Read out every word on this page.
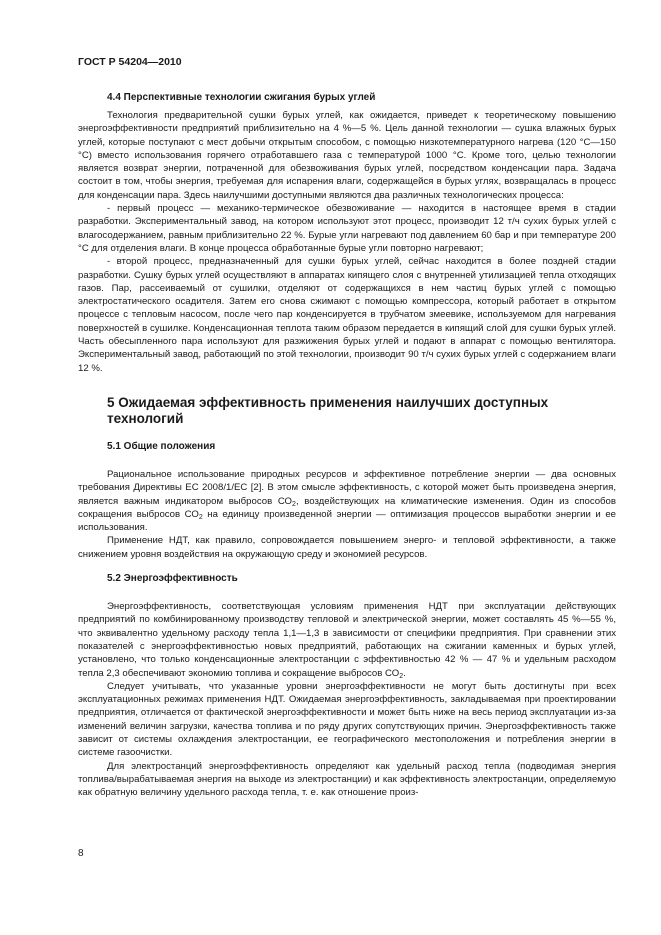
ГОСТ Р 54204—2010
4.4 Перспективные технологии сжигания бурых углей

Технология предварительной сушки бурых углей, как ожидается, приведет к теоретическому повышению энергоэффективности предприятий приблизительно на 4 %—5 %. Цель данной технологии — сушка влажных бурых углей, которые поступают с мест добычи открытым способом, с помощью низкотемпературного нагрева (120 °С—150 °С) вместо использования горячего отработавшего газа с температурой 1000 °С. Кроме того, целью технологии является возврат энергии, потраченной для обезвоживания бурых углей, посредством конденсации пара. Задача состоит в том, чтобы энергия, требуемая для испарения влаги, содержащейся в бурых углях, возвращалась в процесс для конденсации пара. Здесь наилучшими доступными являются два различных технологических процесса:

- первый процесс — механико-термическое обезвоживание — находится в настоящее время в стадии разработки. Экспериментальный завод, на котором используют этот процесс, производит 12 т/ч сухих бурых углей с влагосодержанием, равным приблизительно 22 %. Бурые угли нагревают под давлением 60 бар и при температуре 200 °С для отделения влаги. В конце процесса обработанные бурые угли повторно нагревают;

- второй процесс, предназначенный для сушки бурых углей, сейчас находится в более поздней стадии разработки. Сушку бурых углей осуществляют в аппаратах кипящего слоя с внутренней утилизацией тепла отходящих газов. Пар, рассеиваемый от сушилки, отделяют от содержащихся в нем частиц бурых углей с помощью электростатического осадителя. Затем его снова сжимают с помощью компрессора, который работает в открытом процессе с тепловым насосом, после чего пар конденсируется в трубчатом змеевике, используемом для нагревания поверхностей в сушилке. Конденсационная теплота таким образом передается в кипящий слой для сушки бурых углей. Часть обесыпленного пара используют для разжижения бурых углей и подают в аппарат с помощью вентилятора. Экспериментальный завод, работающий по этой технологии, производит 90 т/ч сухих бурых углей с содержанием влаги 12 %.

5 Ожидаемая эффективность применения наилучших доступных технологий
5.1 Общие положения

Рациональное использование природных ресурсов и эффективное потребление энергии — два основных требования Директивы ЕС 2008/1/ЕС [2]. В этом смысле эффективность, с которой может быть произведена энергия, является важным индикатором выбросов $СО_2$, воздействующих на климатические изменения. Один из способов сокращения выбросов $СО_2$ на единицу произведенной энергии — оптимизация процессов выработки энергии и ее использования.

Применение НДТ, как правило, сопровождается повышением энерго- и тепловой эффективности, а также снижением уровня воздействия на окружающую среду и экономией ресурсов.

5.2 Энергоэффективность

Энергоэффективность, соответствующая условиям применения НДТ при эксплуатации действующих предприятий по комбинированному производству тепловой и электрической энергии, может составлять 45 %—55 %, что эквивалентно удельному расходу тепла 1,1—1,3 в зависимости от специфики предприятия. При сравнении этих показателей с энергоэффективностью новых предприятий, работающих на сжигании каменных и бурых углей, установлено, что только конденсационные электростанции с эффективностью 42 % — 47 % и удельным расходом тепла 2,3 обеспечивают экономию топлива и сокращение выбросов $СО_2$.

Следует учитывать, что указанные уровни энергоэффективности не могут быть достигнуты при всех эксплуатационных режимах применения НДТ. Ожидаемая энергоэффективность, закладываемая при проектировании предприятия, отличается от фактической энергоэффективности и может быть ниже на весь период эксплуатации из-за изменений величин загрузки, качества топлива и по ряду других сопутствующих причин. Энергоэффективность также зависит от системы охлаждения электростанции, ее географического местоположения и потребления энергии в системе газоочистки.

Для электростанций энергоэффективность определяют как удельный расход тепла (подводимая энергия топлива/вырабатываемая энергия на выходе из электростанции) и как эффективность электростанции, определяемую как обратную величину удельного расхода тепла, т. е. как отношение произ-

8
